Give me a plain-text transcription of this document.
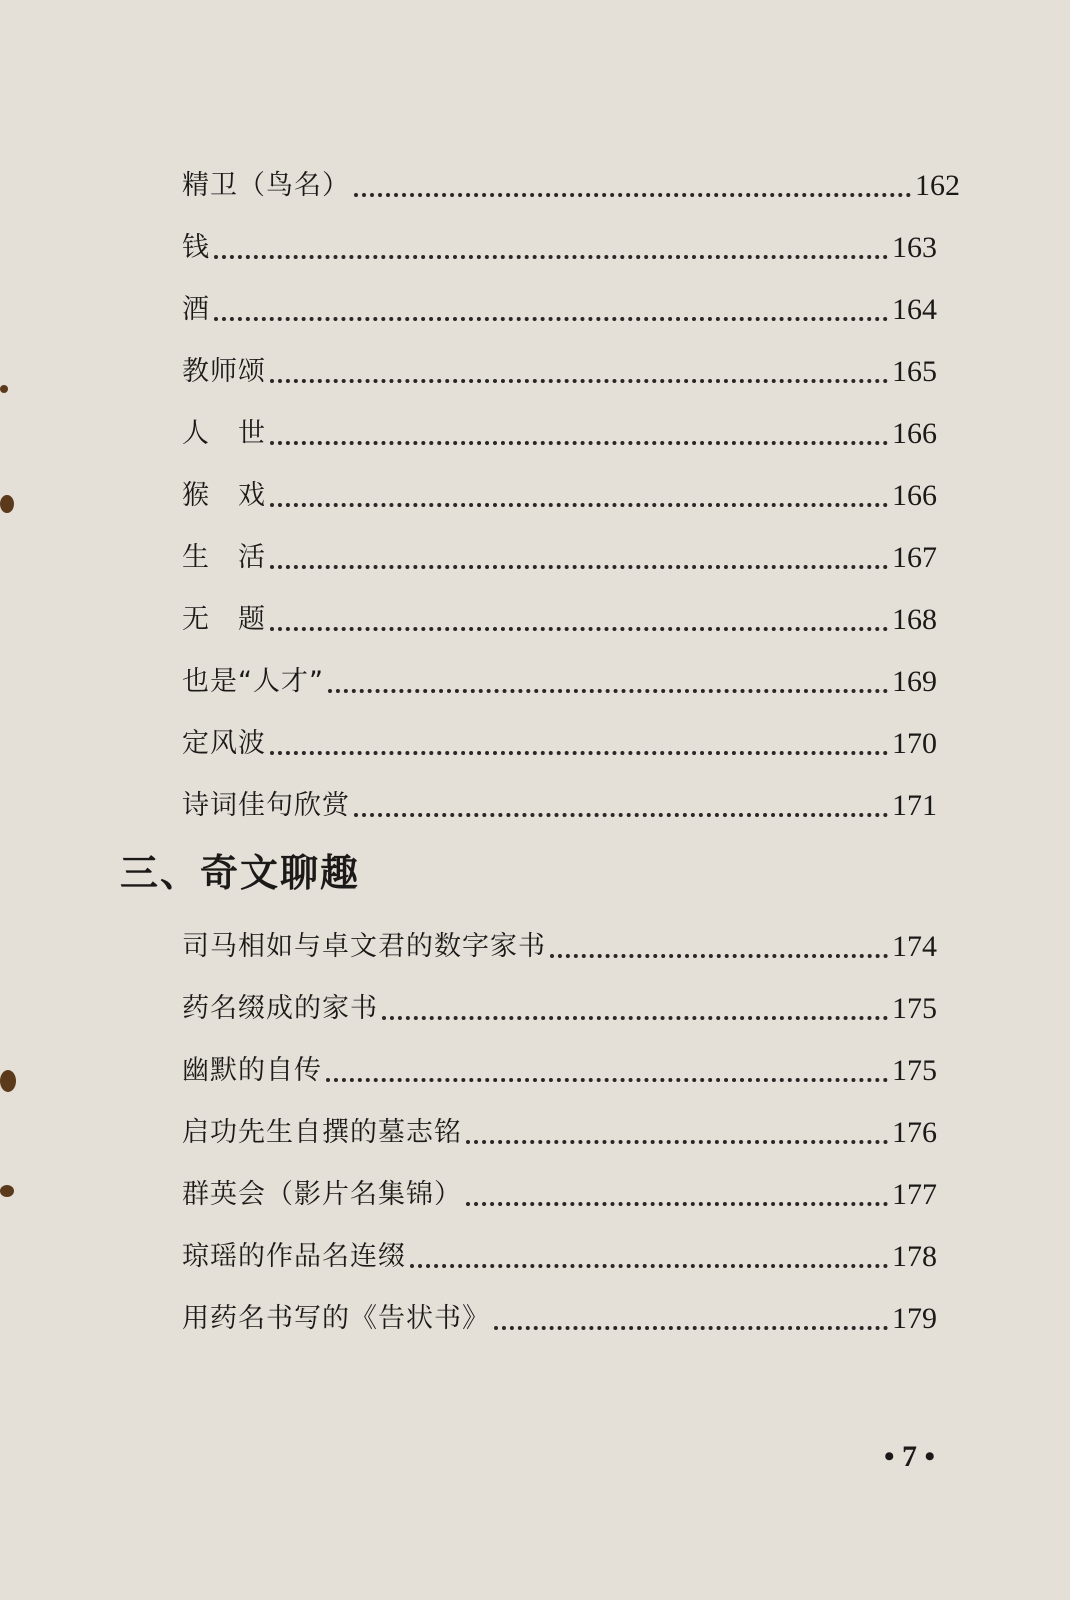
精卫（鸟名）	162
钱	163
酒	164
教师颂	165
人　世	166
猴　戏	166
生　活	167
无　题	168
也是“人才”	169
定风波	170
诗词佳句欣赏	171
三、奇文聊趣
司马相如与卓文君的数字家书	174
药名缀成的家书	175
幽默的自传	175
启功先生自撰的墓志铭	176
群英会（影片名集锦）	177
琼瑶的作品名连缀	178
用药名书写的《告状书》	179
• 7 •
